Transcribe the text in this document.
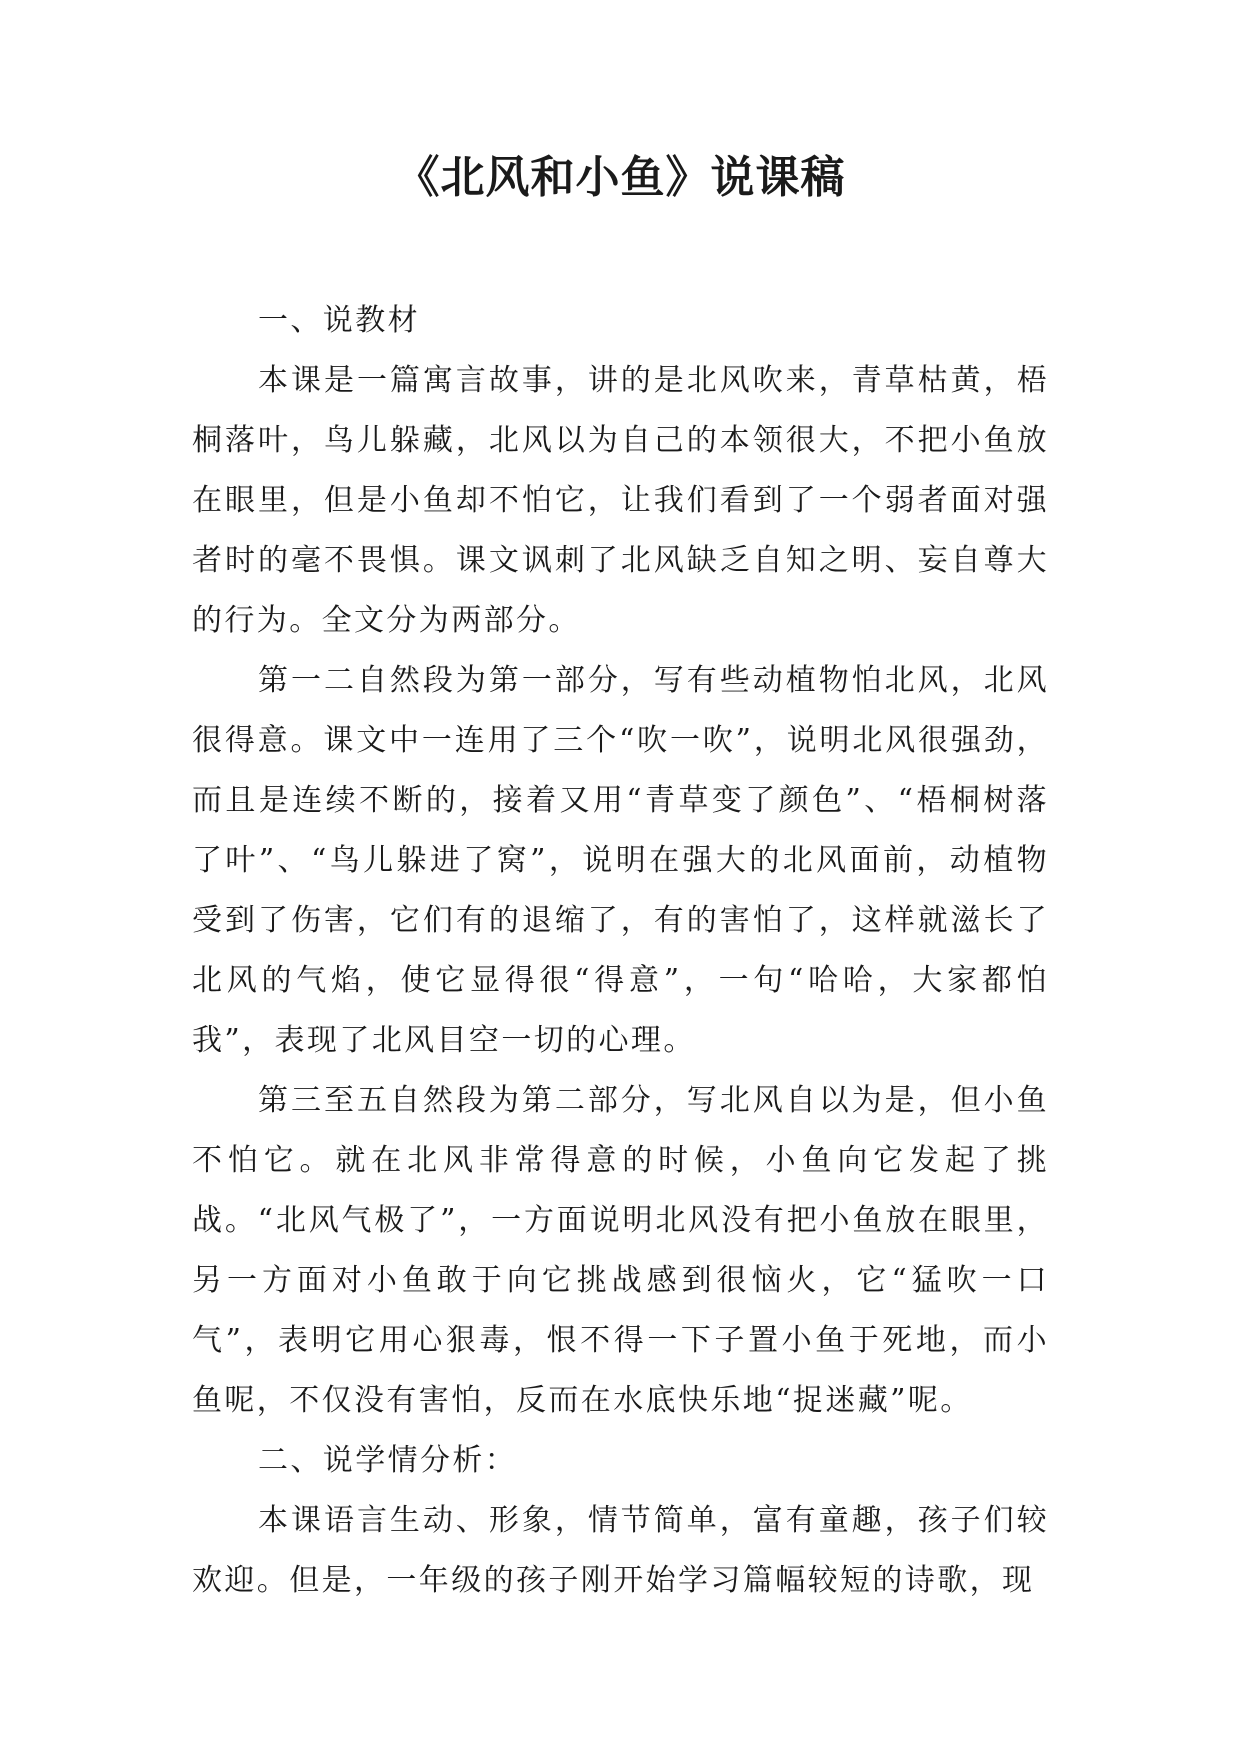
《北风和小鱼》说课稿

一、说教材

本课是一篇寓言故事，讲的是北风吹来，青草枯黄，梧桐落叶，鸟儿躲藏，北风以为自己的本领很大，不把小鱼放在眼里，但是小鱼却不怕它，让我们看到了一个弱者面对强者时的毫不畏惧。课文讽刺了北风缺乏自知之明、妄自尊大的行为。全文分为两部分。

第一二自然段为第一部分，写有些动植物怕北风，北风很得意。课文中一连用了三个“吹一吹”，说明北风很强劲，而且是连续不断的，接着又用“青草变了颜色”、“梧桐树落了叶”、“鸟儿躲进了窝”，说明在强大的北风面前，动植物受到了伤害，它们有的退缩了，有的害怕了，这样就滋长了北风的气焰，使它显得很“得意”，一句“哈哈，大家都怕我”，表现了北风目空一切的心理。

第三至五自然段为第二部分，写北风自以为是，但小鱼不怕它。就在北风非常得意的时候，小鱼向它发起了挑战。“北风气极了”，一方面说明北风没有把小鱼放在眼里，另一方面对小鱼敢于向它挑战感到很恼火，它“猛吹一口气”，表明它用心狠毒，恨不得一下子置小鱼于死地，而小鱼呢，不仅没有害怕，反而在水底快乐地“捉迷藏”呢。

二、说学情分析：

本课语言生动、形象，情节简单，富有童趣，孩子们较欢迎。但是，一年级的孩子刚开始学习篇幅较短的诗歌，现
